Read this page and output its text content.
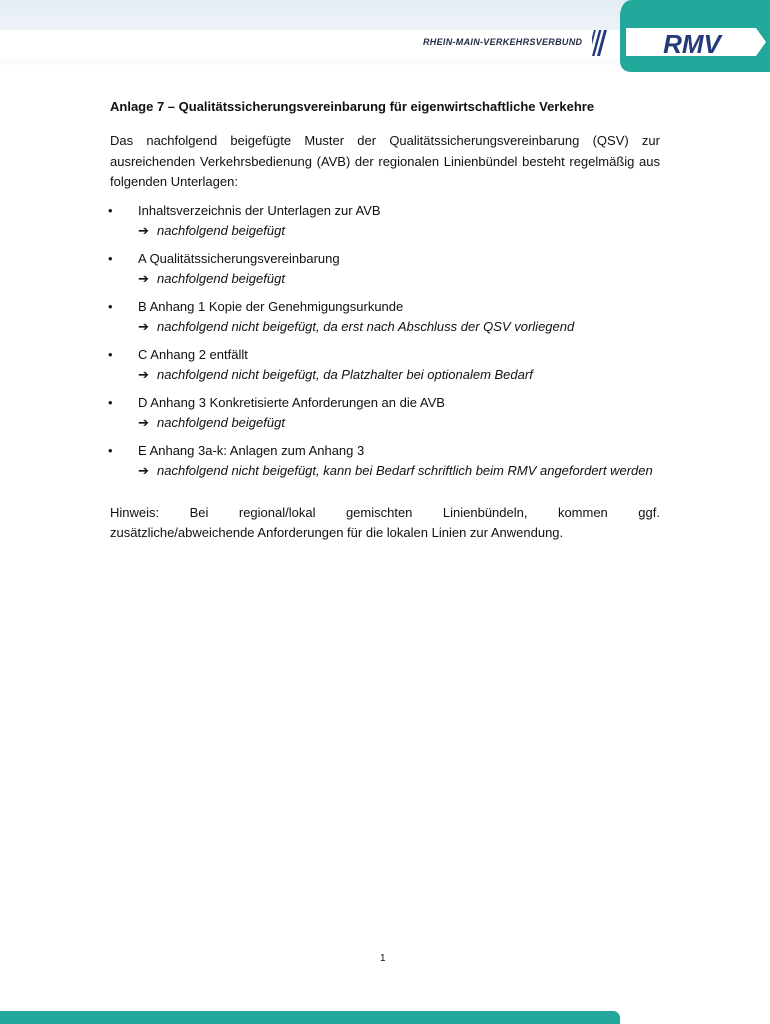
RHEIN-MAIN-VERKEHRSVERBUND	RMV
Anlage 7 – Qualitätssicherungsvereinbarung für eigenwirtschaftliche Verkehre
Das nachfolgend beigefügte Muster der Qualitätssicherungsvereinbarung (QSV) zur ausreichenden Verkehrsbedienung (AVB) der regionalen Linienbündel besteht regelmäßig aus folgenden Unterlagen:
• Inhaltsverzeichnis der Unterlagen zur AVB
➔ nachfolgend beigefügt
• A Qualitätssicherungsvereinbarung
➔ nachfolgend beigefügt
• B Anhang 1 Kopie der Genehmigungsurkunde
➔ nachfolgend nicht beigefügt, da erst nach Abschluss der QSV vorliegend
• C Anhang 2 entfällt
➔ nachfolgend nicht beigefügt, da Platzhalter bei optionalem Bedarf
• D Anhang 3 Konkretisierte Anforderungen an die AVB
➔ nachfolgend beigefügt
• E Anhang 3a-k: Anlagen zum Anhang 3
➔ nachfolgend nicht beigefügt, kann bei Bedarf schriftlich beim RMV angefordert werden
Hinweis: Bei regional/lokal gemischten Linienbündeln, kommen ggf.
zusätzliche/abweichende Anforderungen für die lokalen Linien zur Anwendung.
1
